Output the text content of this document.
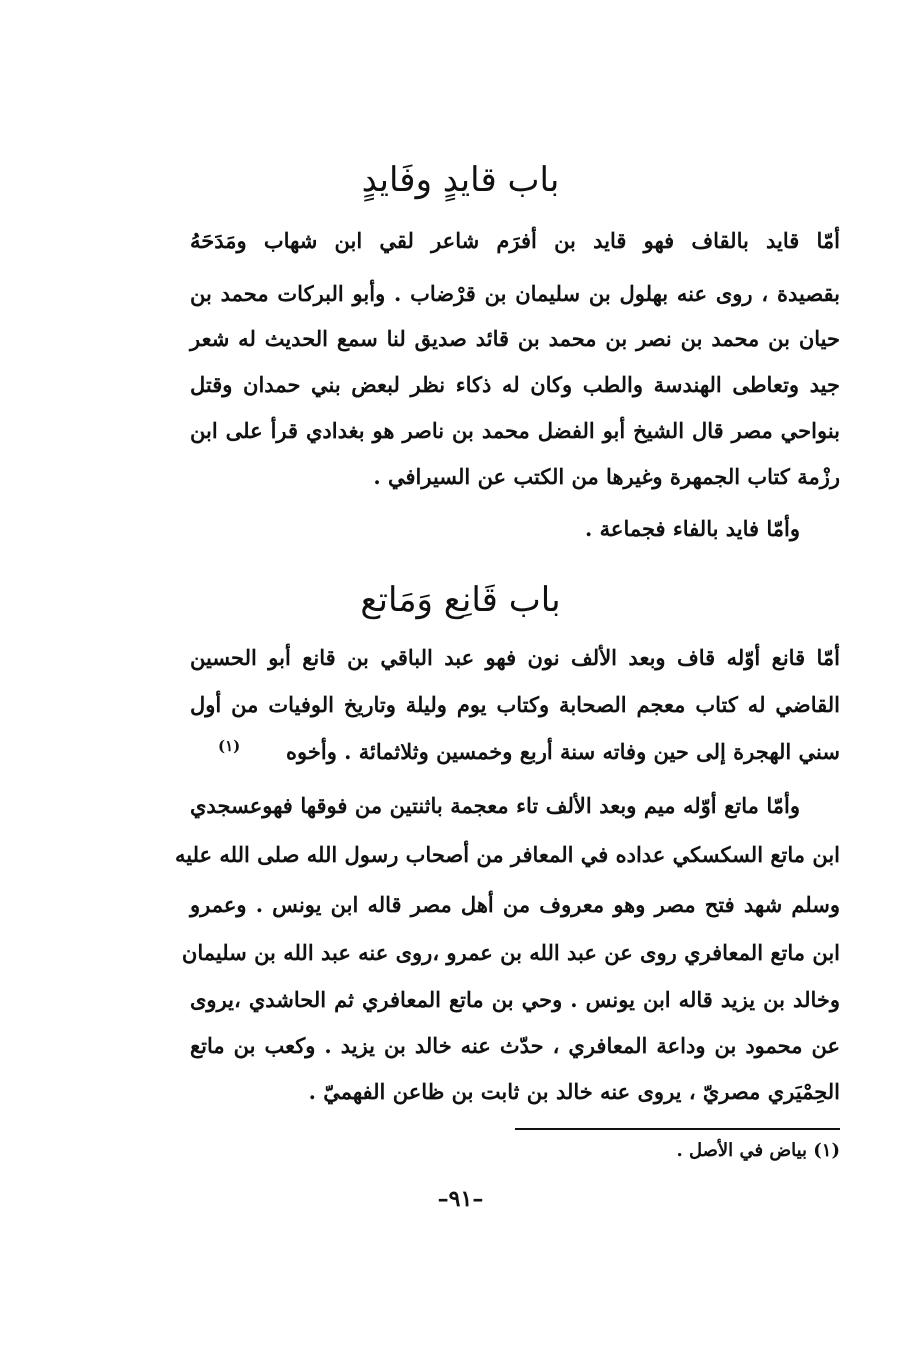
باب قايدٍ وفَايدٍ
أمّا قايد بالقاف فهو قايد بن أفرَم شاعر لقي ابن شهاب ومَدَحَهُ
بقصيدة ، روى عنه بهلول بن سليمان بن قرْضاب . وأبو البركات محمد بن
حيان بن محمد بن نصر بن محمد بن قائد صديق لنا سمع الحديث له شعر
جيد وتعاطى الهندسة والطب وكان له ذكاء نظر لبعض بني حمدان وقتل
بنواحي مصر قال الشيخ أبو الفضل محمد بن ناصر هو بغدادي قرأ على ابن
رزْمة كتاب الجمهرة وغيرها من الكتب عن السيرافي .
وأمّا فايد بالفاء فجماعة .
باب قَانِع وَمَاتع
أمّا قانع أوّله قاف وبعد الألف نون فهو عبد الباقي بن قانع أبو الحسين
القاضي له كتاب معجم الصحابة وكتاب يوم وليلة وتاريخ الوفيات من أول
سني الهجرة إلى حين وفاته سنة أربع وخمسين وثلاثمائة . وأخوه
(١)
وأمّا ماتع أوّله ميم وبعد الألف تاء معجمة باثنتين من فوقها فهوعسجدي
ابن ماتع السكسكي عداده في المعافر من أصحاب رسول الله صلى الله عليه
وسلم شهد فتح مصر وهو معروف من أهل مصر قاله ابن يونس . وعمرو
ابن ماتع المعافري روى عن عبد الله بن عمرو ،روى عنه عبد الله بن سليمان
وخالد بن يزيد قاله ابن يونس . وحي بن ماتع المعافري ثم الحاشدي ،يروى
عن محمود بن وداعة المعافري ، حدّث عنه خالد بن يزيد . وكعب بن ماتع
الحِمْيَري مصريّ ، يروى عنه خالد بن ثابت بن ظاعن الفهميّ .
(١) بياض في الأصل .
–٩١–
